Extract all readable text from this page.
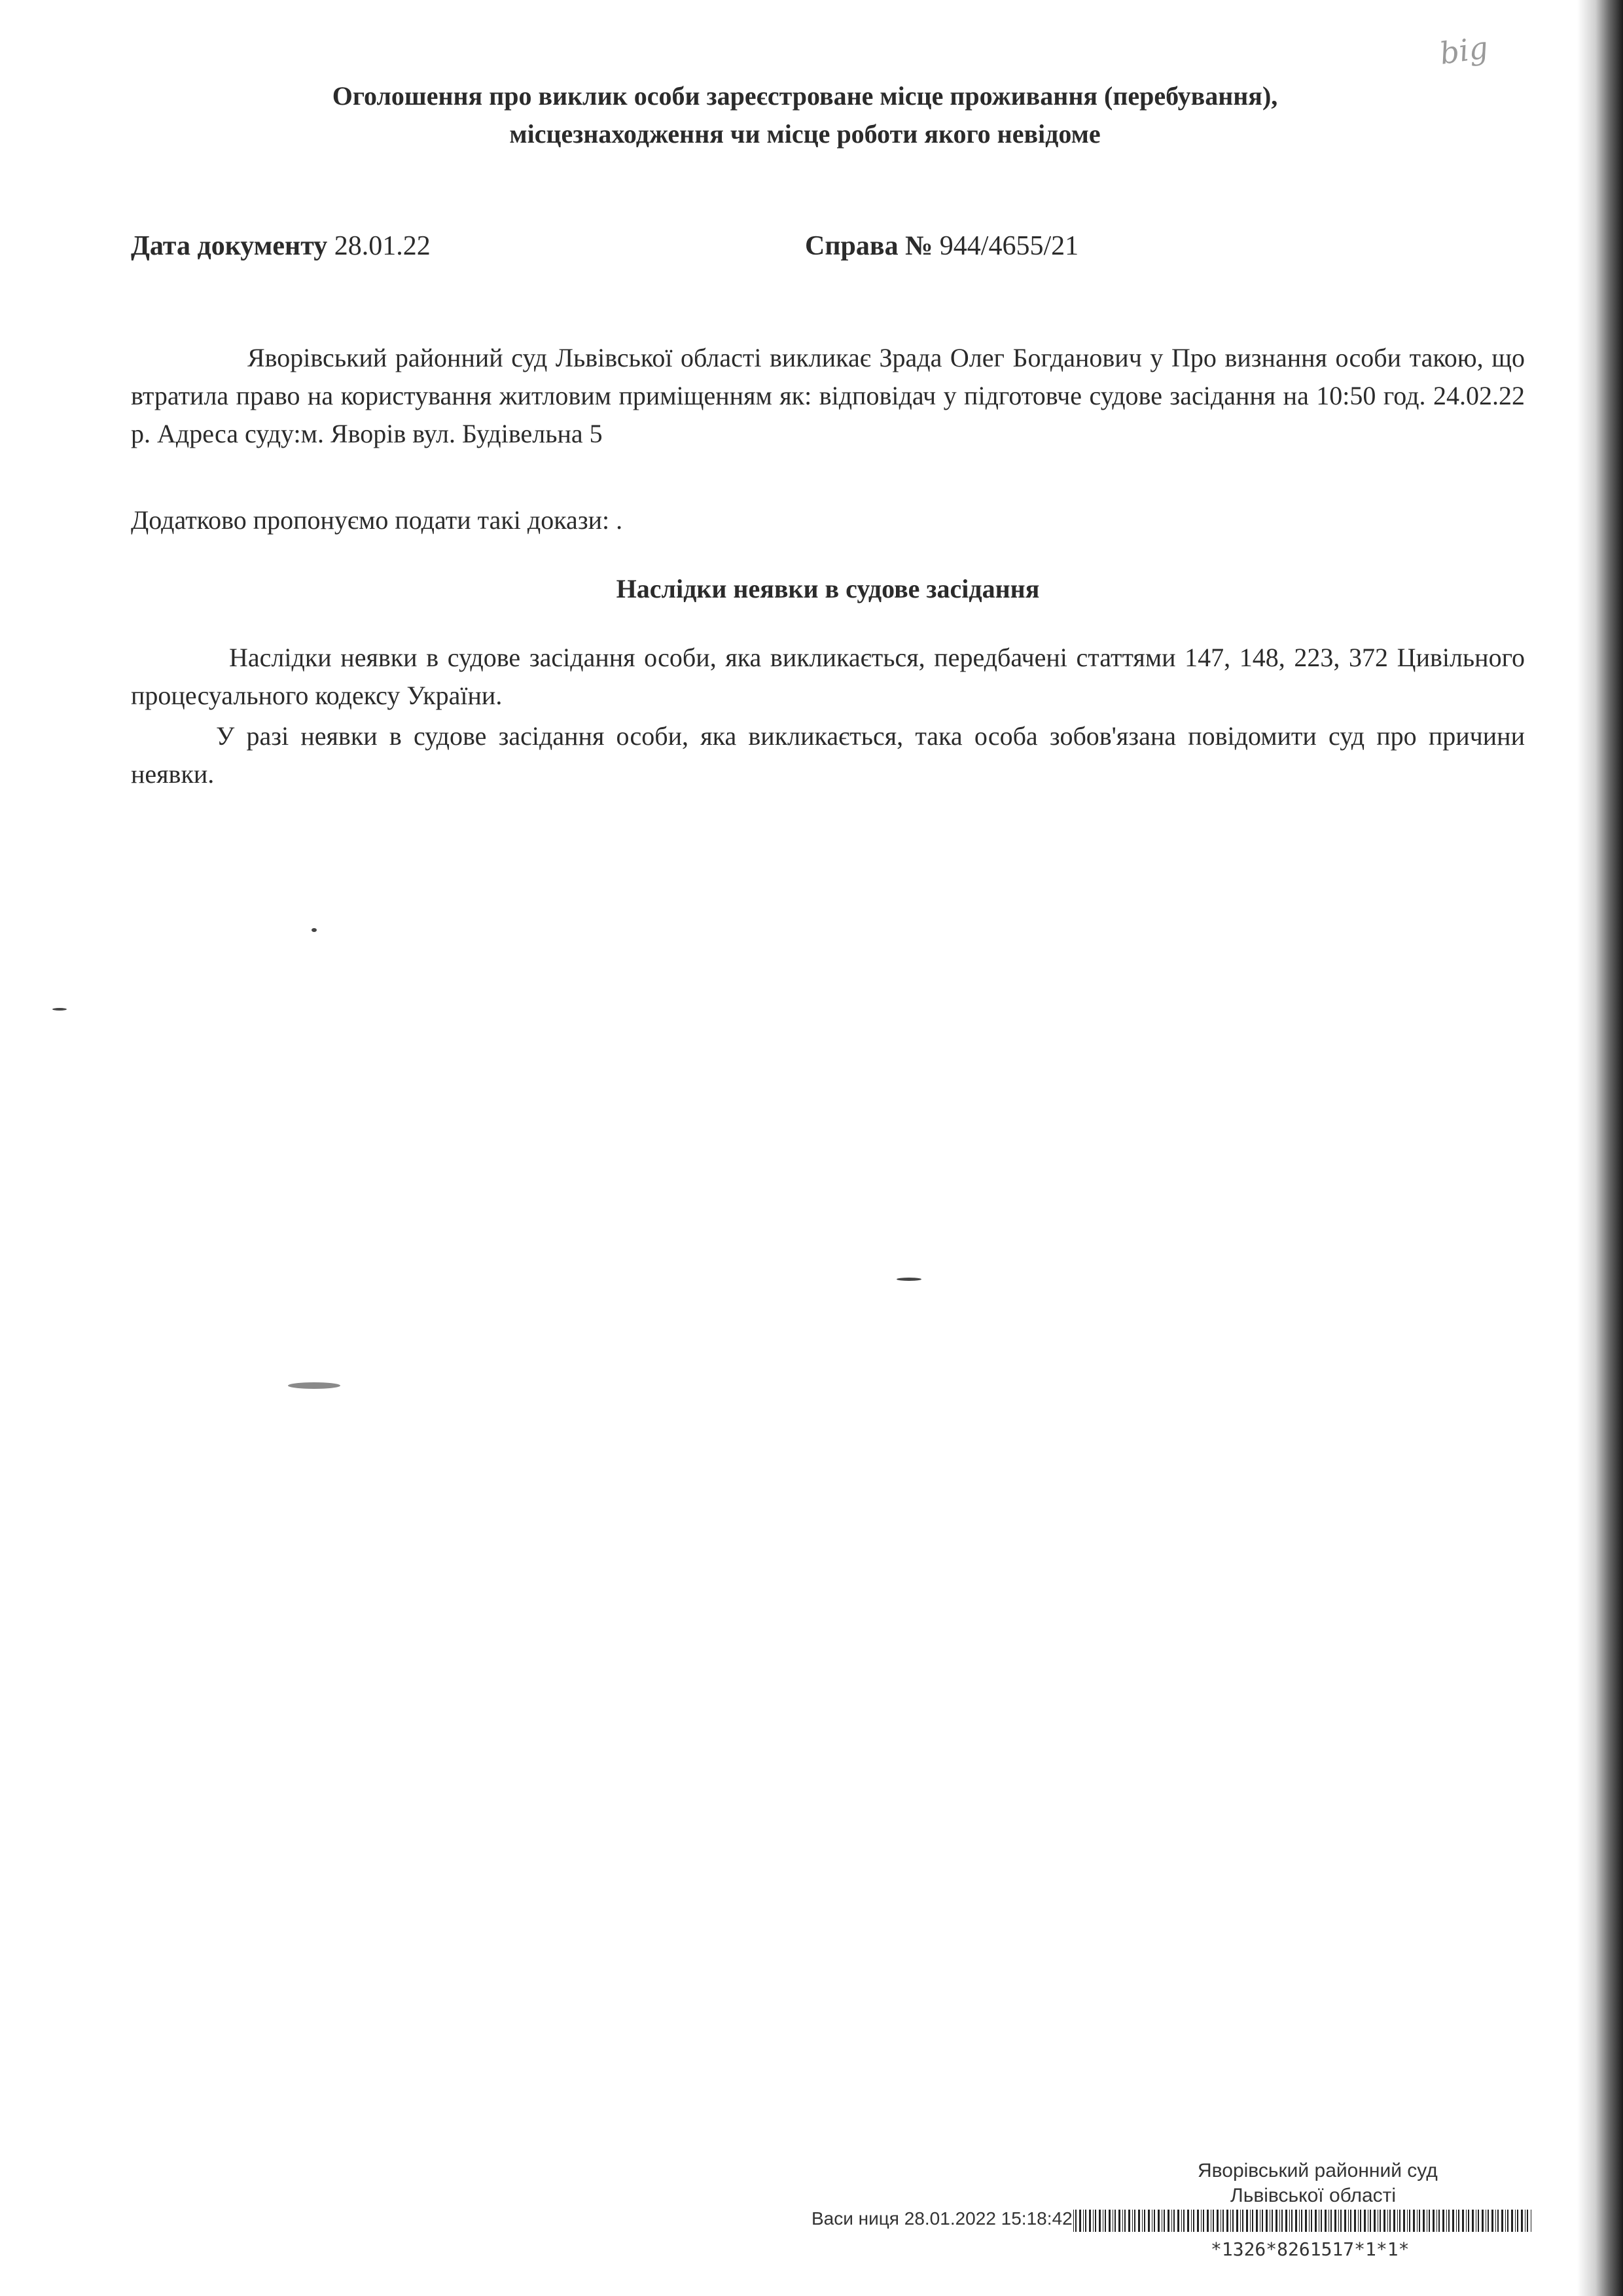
big
Оголошення про виклик особи зареєстроване місце проживання (перебування),
місцезнаходження чи місце роботи якого невідоме
Дата документу 28.01.22	Справа № 944/4655/21
Яворівський районний суд Львівської області викликає Зрада Олег Богданович у Про визнання особи такою, що втратила право на користування житловим приміщенням як: відповідач у підготовче судове засідання на 10:50 год. 24.02.22 р. Адреса суду:м. Яворів вул. Будівельна 5
Додатково пропонуємо подати такі докази: .
Наслідки неявки в судове засідання
Наслідки неявки в судове засідання особи, яка викликається, передбачені статтями 147, 148, 223, 372 Цивільного процесуального кодексу України.
У разі неявки в судове засідання особи, яка викликається, така особа зобов'язана повідомити суд про причини неявки.
Яворівський районний суд
Львівської області
Васи ниця 28.01.2022 15:18:42
*1326*8261517*1*1*
